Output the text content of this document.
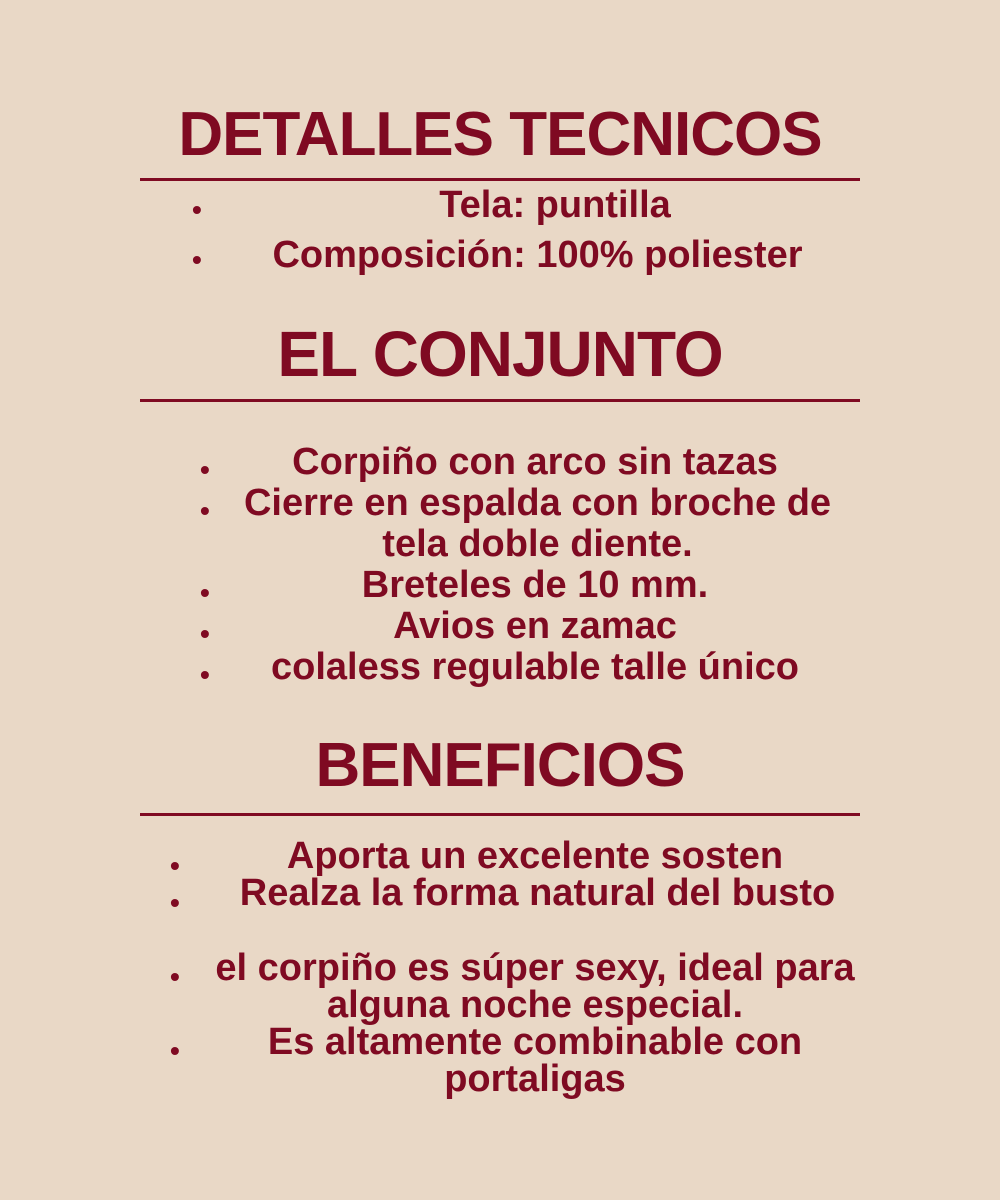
DETALLES TECNICOS
•	Tela: puntilla

•	Composición: 100% poliester

EL CONJUNTO
•	Corpiño con arco sin tazas

• Cierre en espalda con broche de tela doble diente.

•	Breteles de 10 mm.

•	Avios en zamac

•	colaless regulable talle único

BENEFICIOS
•	Aporta un excelente sosten

•	Realza la forma natural del busto

• el corpiño es súper sexy, ideal para alguna noche especial.

•	Es altamente combinable con portaligas
